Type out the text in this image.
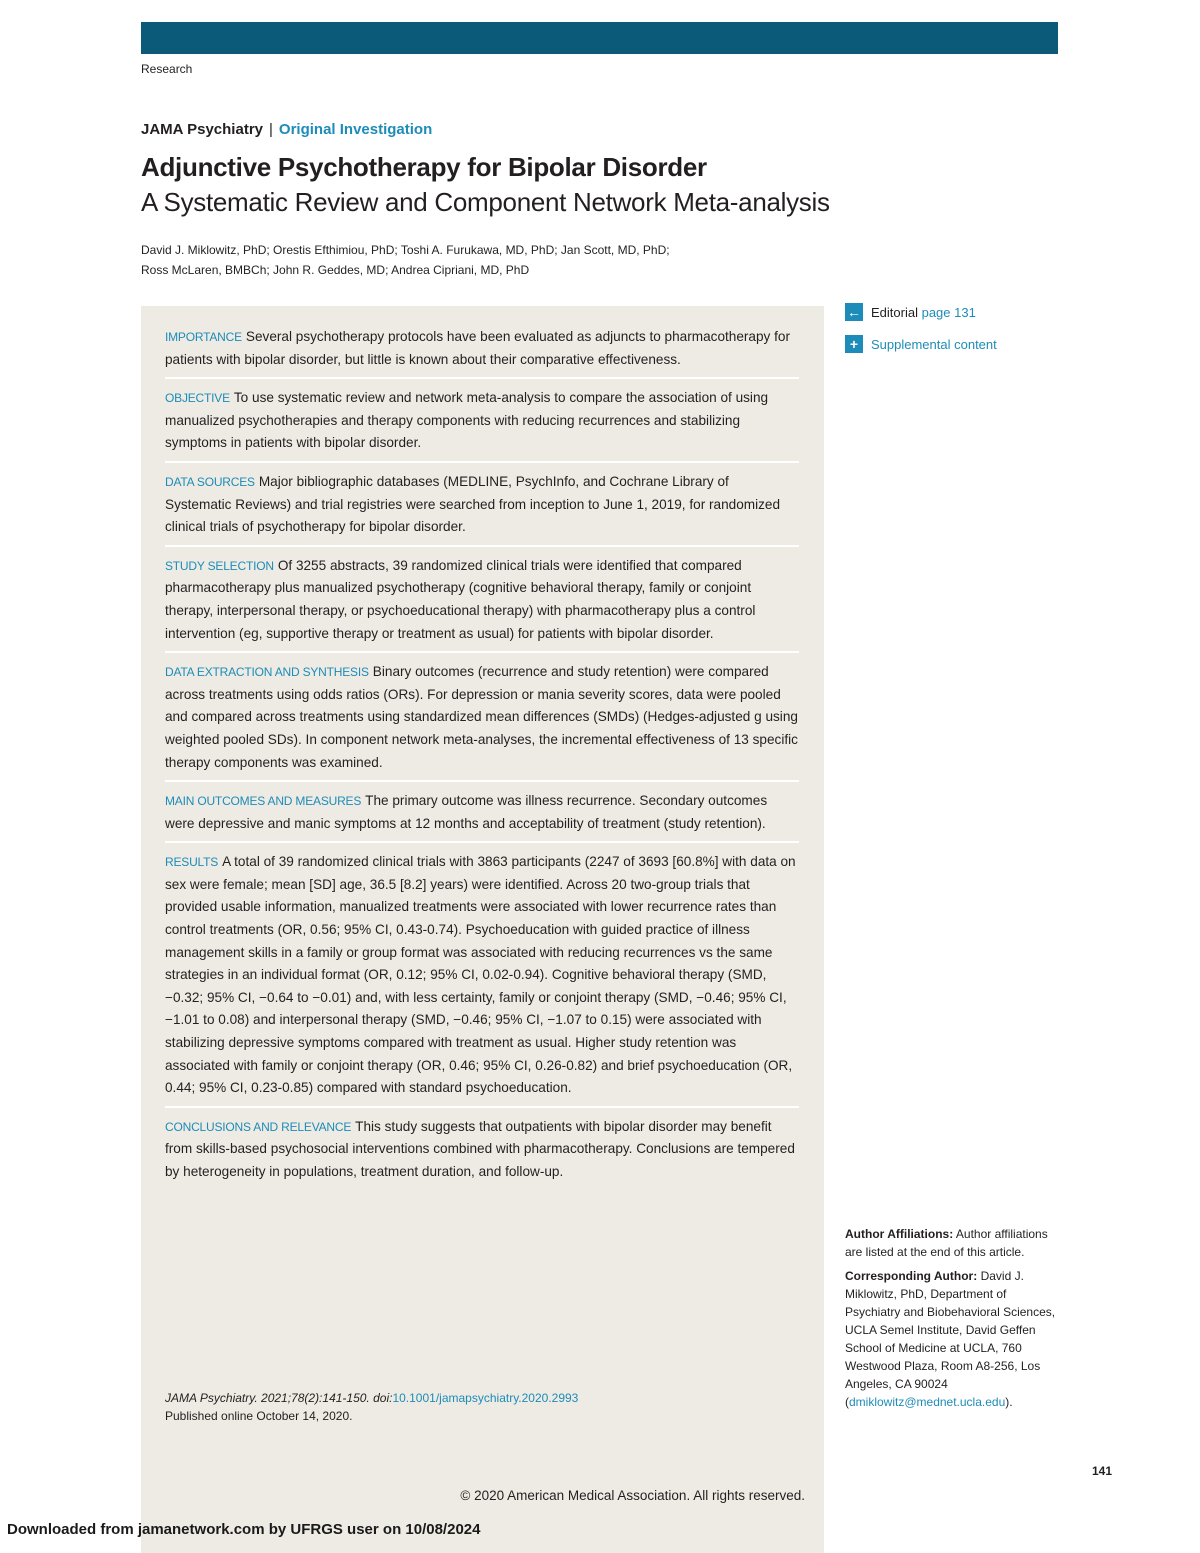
Research
JAMA Psychiatry | Original Investigation
Adjunctive Psychotherapy for Bipolar Disorder
A Systematic Review and Component Network Meta-analysis
David J. Miklowitz, PhD; Orestis Efthimiou, PhD; Toshi A. Furukawa, MD, PhD; Jan Scott, MD, PhD;
Ross McLaren, BMBCh; John R. Geddes, MD; Andrea Cipriani, MD, PhD
IMPORTANCE Several psychotherapy protocols have been evaluated as adjuncts to pharmacotherapy for patients with bipolar disorder, but little is known about their comparative effectiveness.
OBJECTIVE To use systematic review and network meta-analysis to compare the association of using manualized psychotherapies and therapy components with reducing recurrences and stabilizing symptoms in patients with bipolar disorder.
DATA SOURCES Major bibliographic databases (MEDLINE, PsychInfo, and Cochrane Library of Systematic Reviews) and trial registries were searched from inception to June 1, 2019, for randomized clinical trials of psychotherapy for bipolar disorder.
STUDY SELECTION Of 3255 abstracts, 39 randomized clinical trials were identified that compared pharmacotherapy plus manualized psychotherapy (cognitive behavioral therapy, family or conjoint therapy, interpersonal therapy, or psychoeducational therapy) with pharmacotherapy plus a control intervention (eg, supportive therapy or treatment as usual) for patients with bipolar disorder.
DATA EXTRACTION AND SYNTHESIS Binary outcomes (recurrence and study retention) were compared across treatments using odds ratios (ORs). For depression or mania severity scores, data were pooled and compared across treatments using standardized mean differences (SMDs) (Hedges-adjusted g using weighted pooled SDs). In component network meta-analyses, the incremental effectiveness of 13 specific therapy components was examined.
MAIN OUTCOMES AND MEASURES The primary outcome was illness recurrence. Secondary outcomes were depressive and manic symptoms at 12 months and acceptability of treatment (study retention).
RESULTS A total of 39 randomized clinical trials with 3863 participants (2247 of 3693 [60.8%] with data on sex were female; mean [SD] age, 36.5 [8.2] years) were identified. Across 20 two-group trials that provided usable information, manualized treatments were associated with lower recurrence rates than control treatments (OR, 0.56; 95% CI, 0.43-0.74). Psychoeducation with guided practice of illness management skills in a family or group format was associated with reducing recurrences vs the same strategies in an individual format (OR, 0.12; 95% CI, 0.02-0.94). Cognitive behavioral therapy (SMD, −0.32; 95% CI, −0.64 to −0.01) and, with less certainty, family or conjoint therapy (SMD, −0.46; 95% CI, −1.01 to 0.08) and interpersonal therapy (SMD, −0.46; 95% CI, −1.07 to 0.15) were associated with stabilizing depressive symptoms compared with treatment as usual. Higher study retention was associated with family or conjoint therapy (OR, 0.46; 95% CI, 0.26-0.82) and brief psychoeducation (OR, 0.44; 95% CI, 0.23-0.85) compared with standard psychoeducation.
CONCLUSIONS AND RELEVANCE This study suggests that outpatients with bipolar disorder may benefit from skills-based psychosocial interventions combined with pharmacotherapy. Conclusions are tempered by heterogeneity in populations, treatment duration, and follow-up.
JAMA Psychiatry. 2021;78(2):141-150. doi:10.1001/jamapsychiatry.2020.2993
Published online October 14, 2020.
© 2020 American Medical Association. All rights reserved.
← Editorial
page 131
+ Supplemental content
Author Affiliations: Author affiliations are listed at the end of this article.
Corresponding Author: David J. Miklowitz, PhD, Department of Psychiatry and Biobehavioral Sciences, UCLA Semel Institute, David Geffen School of Medicine at UCLA, 760 Westwood Plaza, Room A8-256, Los Angeles, CA 90024 (dmiklowitz@mednet.ucla.edu).
141
Downloaded from jamanetwork.com by UFRGS user on 10/08/2024
